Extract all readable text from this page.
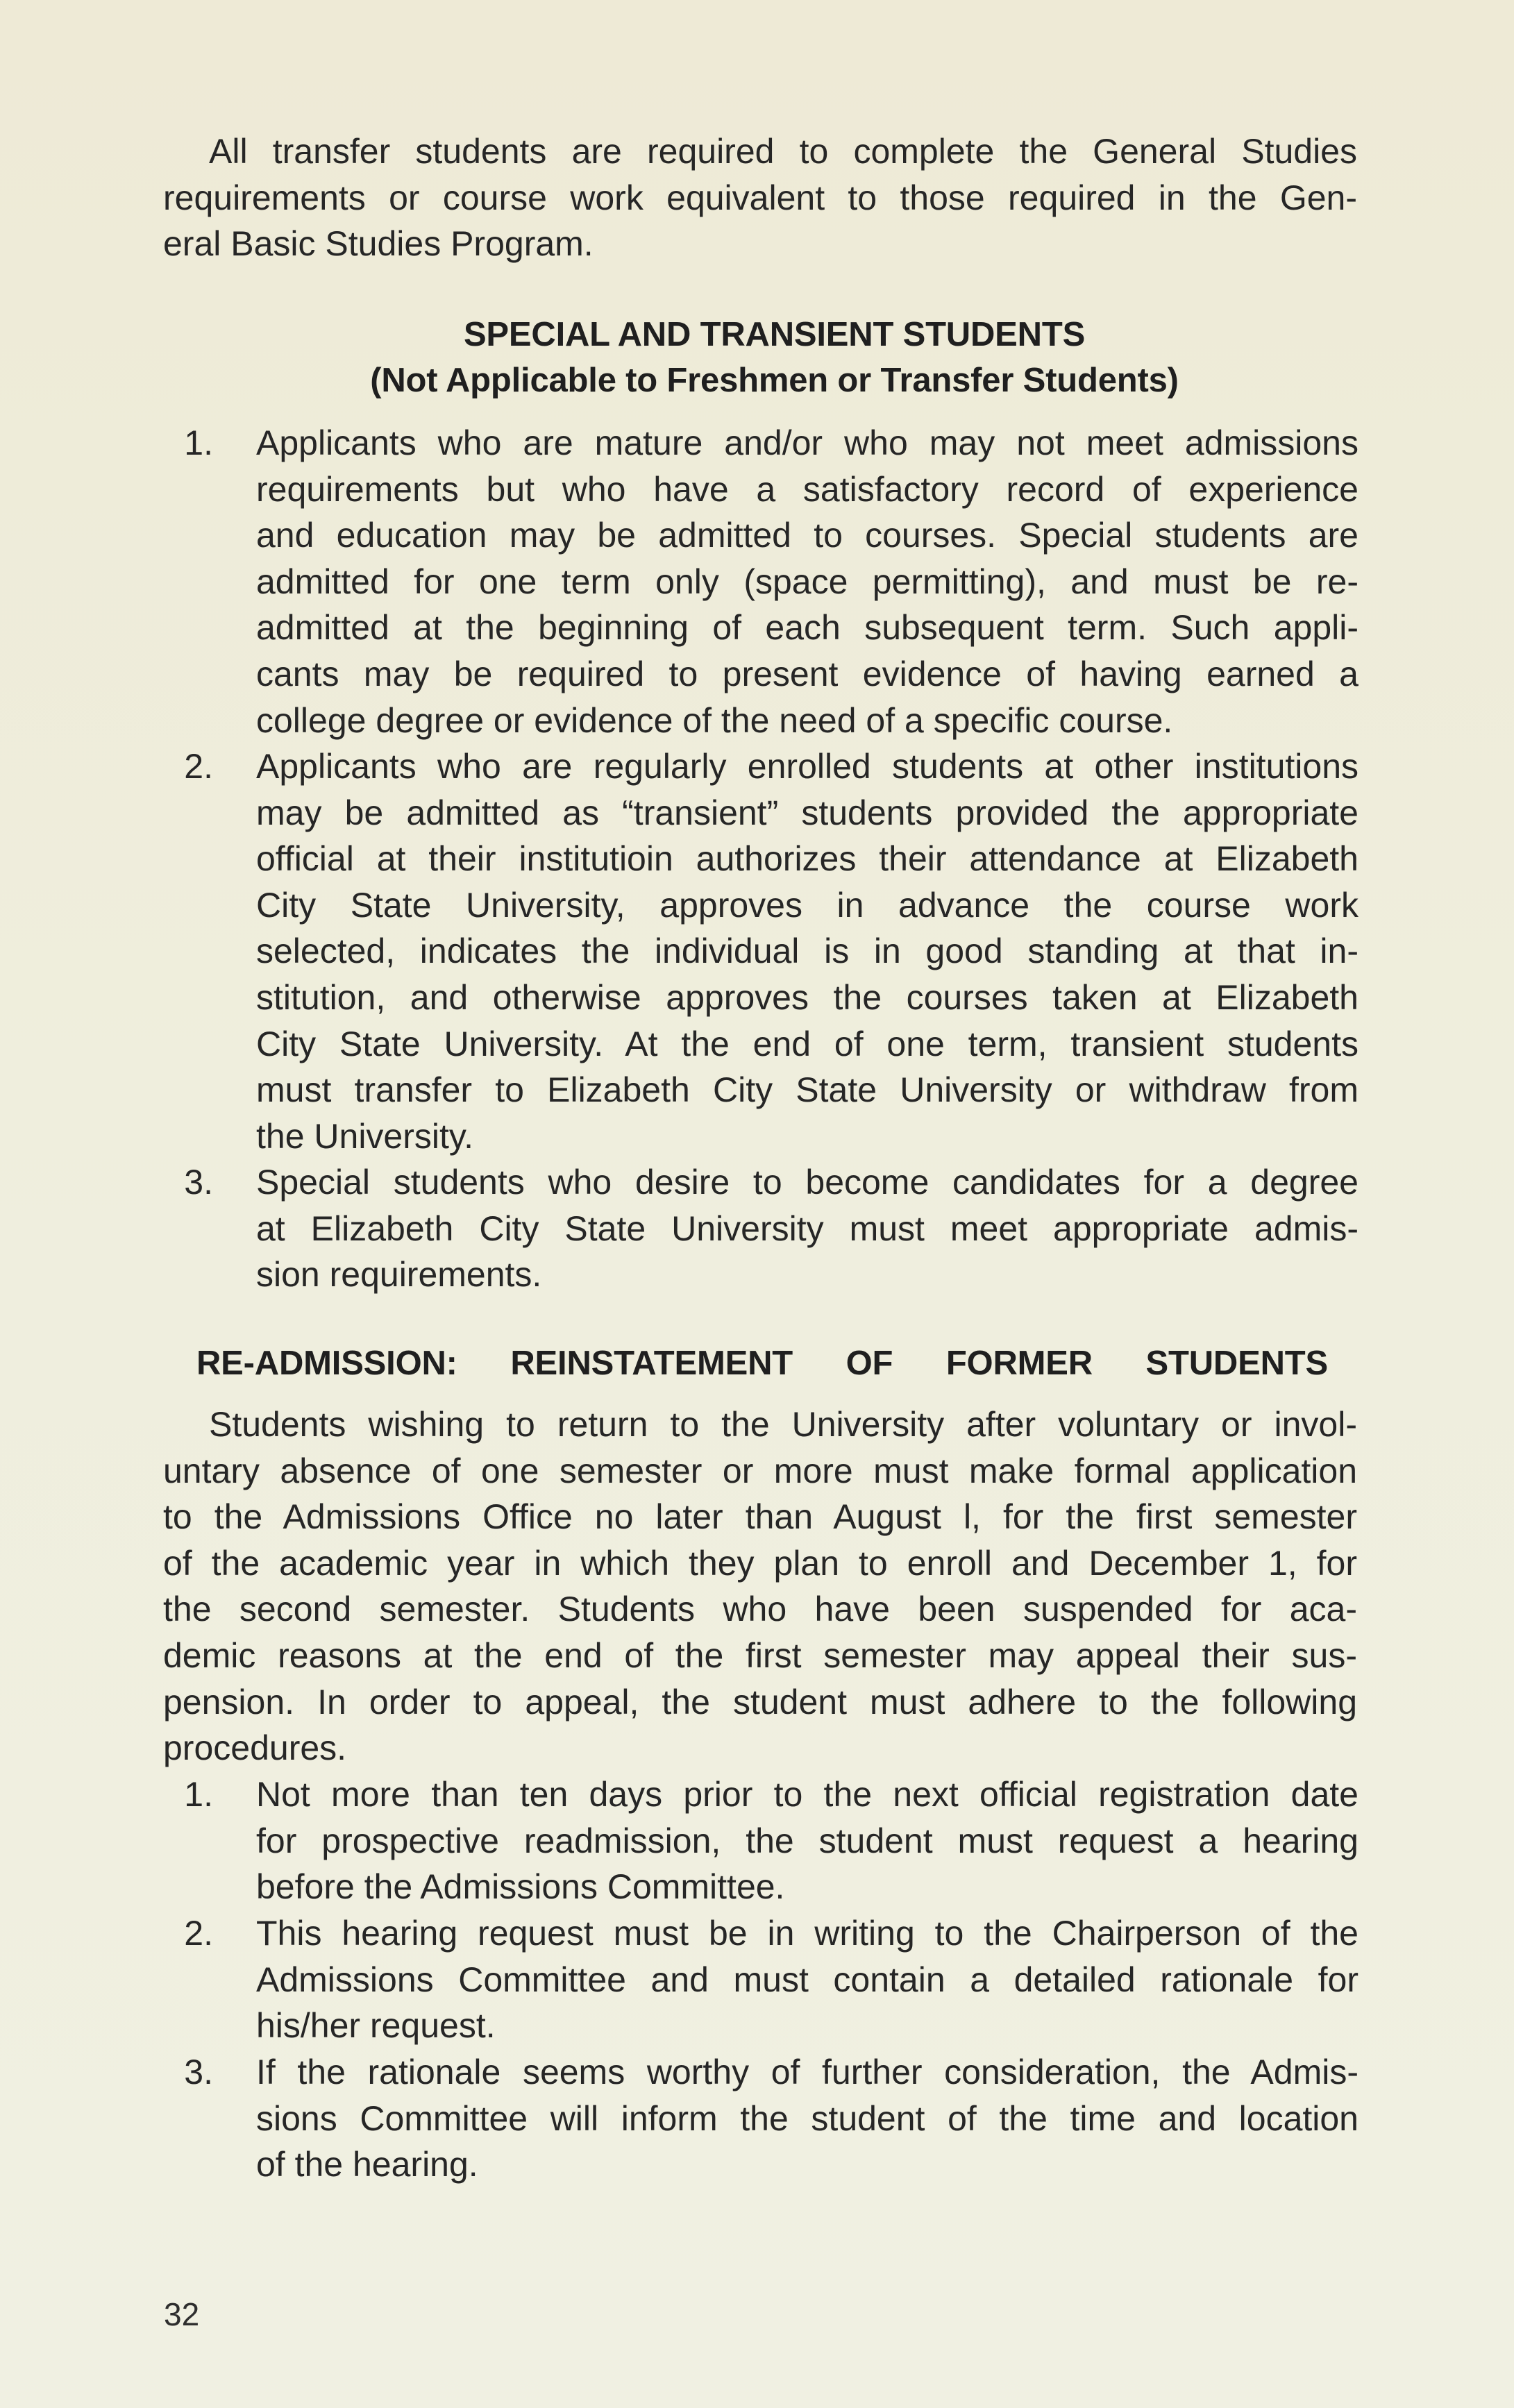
All transfer students are required to complete the General Studies
requirements or course work equivalent to those required in the Gen-
eral Basic Studies Program.
SPECIAL AND TRANSIENT STUDENTS
(Not Applicable to Freshmen or Transfer Students)
1. Applicants who are mature and/or who may not meet admissions
requirements but who have a satisfactory record of experience
and education may be admitted to courses. Special students are
admitted for one term only (space permitting), and must be re-
admitted at the beginning of each subsequent term. Such appli-
cants may be required to present evidence of having earned a
college degree or evidence of the need of a specific course.
2. Applicants who are regularly enrolled students at other institutions
may be admitted as “transient” students provided the appropriate
official at their institutioin authorizes their attendance at Elizabeth
City State University, approves in advance the course work
selected, indicates the individual is in good standing at that in-
stitution, and otherwise approves the courses taken at Elizabeth
City State University. At the end of one term, transient students
must transfer to Elizabeth City State University or withdraw from
the University.
3. Special students who desire to become candidates for a degree
at Elizabeth City State University must meet appropriate admis-
sion requirements.
RE-ADMISSION: REINSTATEMENT OF FORMER STUDENTS
Students wishing to return to the University after voluntary or invol-
untary absence of one semester or more must make formal application
to the Admissions Office no later than August l, for the first semester
of the academic year in which they plan to enroll and December 1, for
the second semester. Students who have been suspended for aca-
demic reasons at the end of the first semester may appeal their sus-
pension. In order to appeal, the student must adhere to the following
procedures.
1. Not more than ten days prior to the next official registration date
for prospective readmission, the student must request a hearing
before the Admissions Committee.
2. This hearing request must be in writing to the Chairperson of the
Admissions Committee and must contain a detailed rationale for
his/her request.
3. If the rationale seems worthy of further consideration, the Admis-
sions Committee will inform the student of the time and location
of the hearing.
32
